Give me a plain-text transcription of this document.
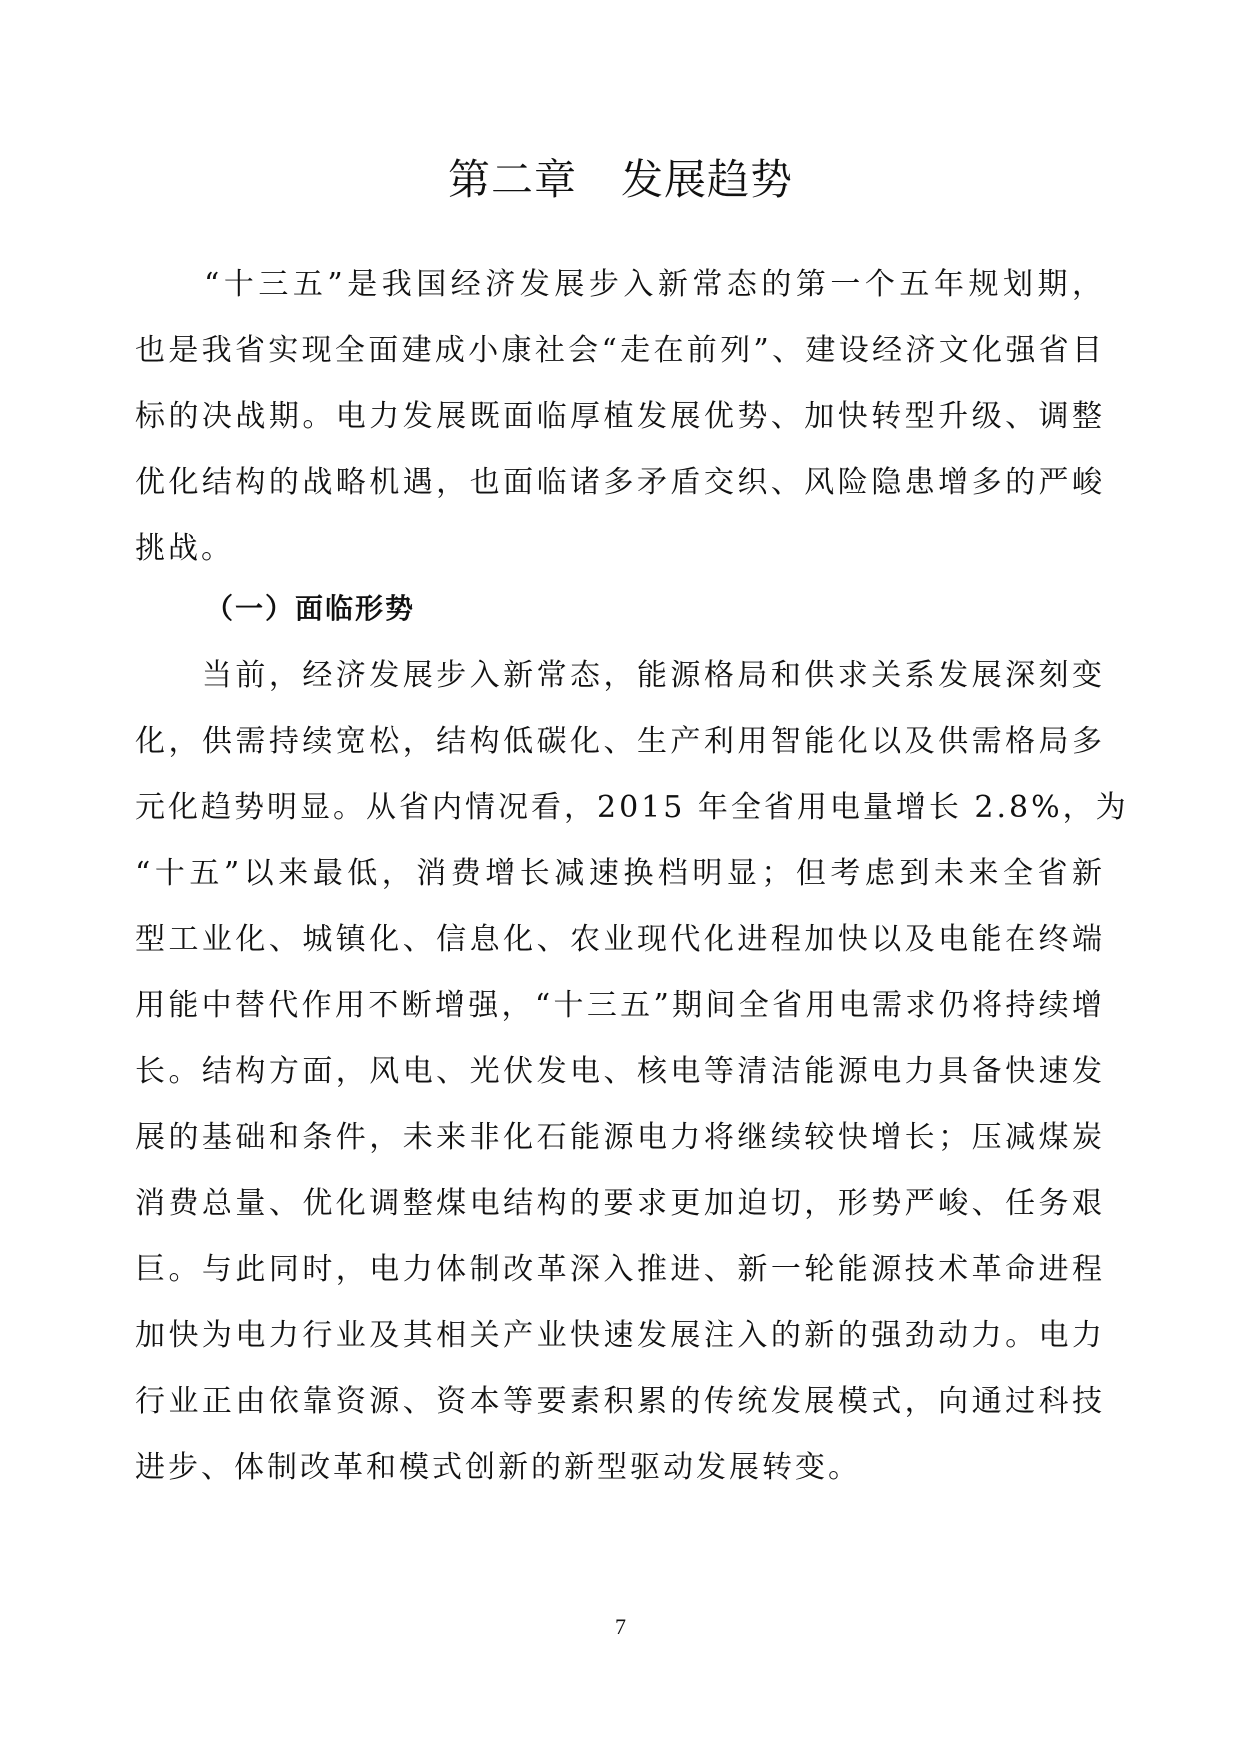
第二章 发展趋势
　　“十三五”是我国经济发展步入新常态的第一个五年规划期，
也是我省实现全面建成小康社会“走在前列”、建设经济文化强省目
标的决战期。电力发展既面临厚植发展优势、加快转型升级、调整
优化结构的战略机遇，也面临诸多矛盾交织、风险隐患增多的严峻
挑战。
（一）面临形势
　　当前，经济发展步入新常态，能源格局和供求关系发展深刻变
化，供需持续宽松，结构低碳化、生产利用智能化以及供需格局多
元化趋势明显。从省内情况看，2015 年全省用电量增长 2.8%，为
“十五”以来最低，消费增长减速换档明显；但考虑到未来全省新
型工业化、城镇化、信息化、农业现代化进程加快以及电能在终端
用能中替代作用不断增强，“十三五”期间全省用电需求仍将持续增
长。结构方面，风电、光伏发电、核电等清洁能源电力具备快速发
展的基础和条件，未来非化石能源电力将继续较快增长；压减煤炭
消费总量、优化调整煤电结构的要求更加迫切，形势严峻、任务艰
巨。与此同时，电力体制改革深入推进、新一轮能源技术革命进程
加快为电力行业及其相关产业快速发展注入的新的强劲动力。电力
行业正由依靠资源、资本等要素积累的传统发展模式，向通过科技
进步、体制改革和模式创新的新型驱动发展转变。
7
